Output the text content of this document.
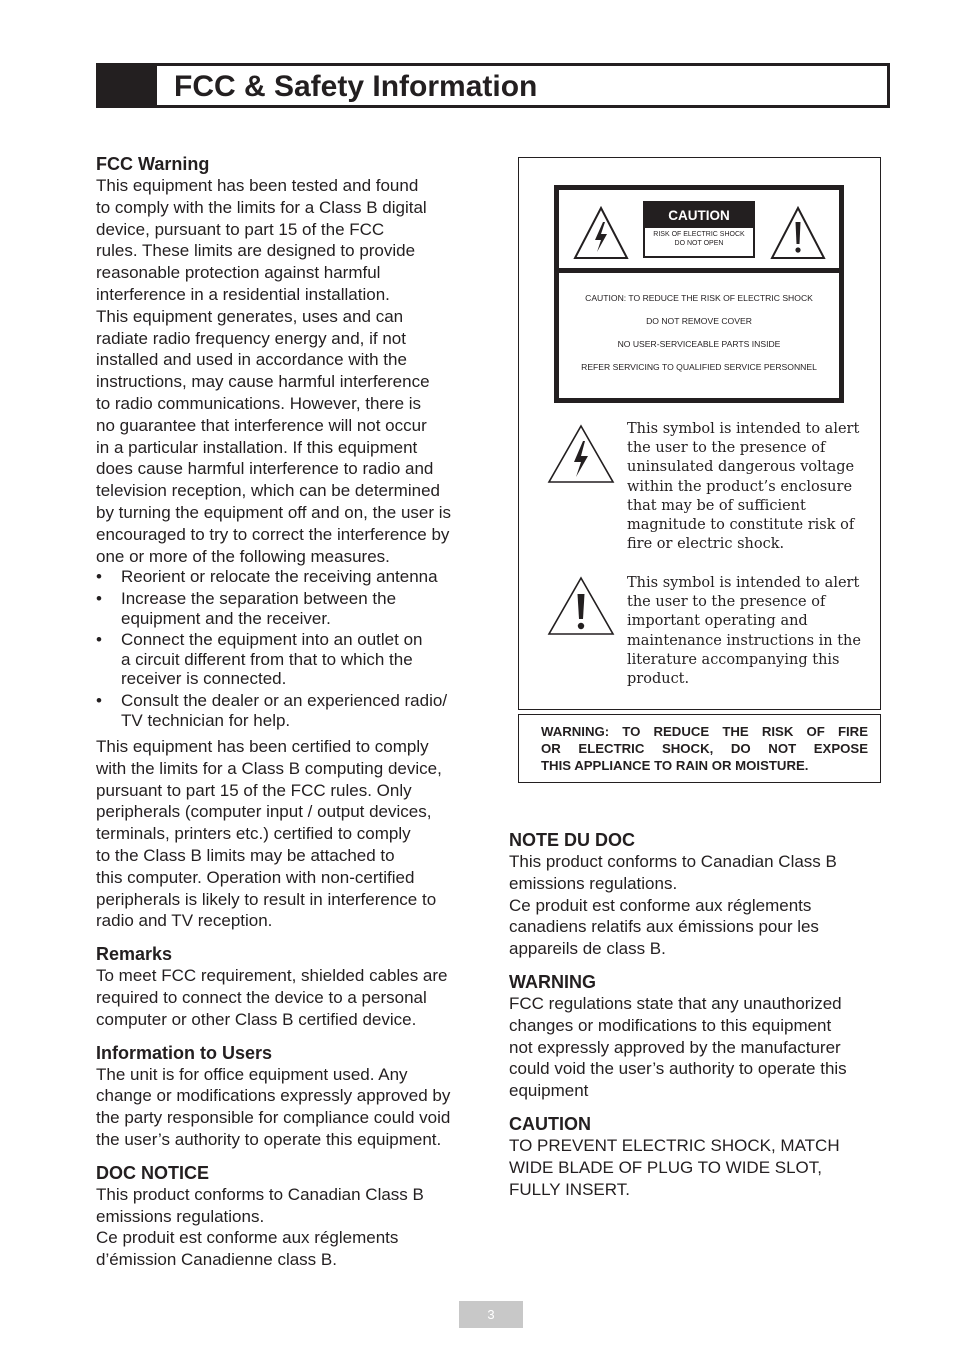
FCC & Safety Information
FCC Warning
This equipment has been tested and found
to comply with the limits for a Class B digital
device, pursuant to part 15 of the FCC
rules. These limits are designed to provide
reasonable protection against harmful
interference in a residential installation.
This equipment generates, uses and can
radiate radio frequency energy and, if not
installed and used in accordance with the
instructions, may cause harmful interference
to radio communications. However, there is
no guarantee that interference will not occur
in a particular installation. If this equipment
does cause harmful interference to radio and
television reception, which can be determined
by turning the equipment off and on, the user is
encouraged to try to correct the interference by
one or more of the following measures.
• Reorient or relocate the receiving antenna
• Increase the separation between the
equipment and the receiver.
• Connect the equipment into an outlet on
a circuit different from that to which the
receiver is connected.
• Consult the dealer or an experienced radio/
TV technician for help.
This equipment has been certified to comply
with the limits for a Class B computing device,
pursuant to part 15 of the FCC rules. Only
peripherals (computer input / output devices,
terminals, printers etc.) certified to comply
to the Class B limits may be attached to
this computer. Operation with non-certified
peripherals is likely to result in interference to
radio and TV reception.
Remarks
To meet FCC requirement, shielded cables are
required to connect the device to a personal
computer or other Class B certified device.
Information to Users
The unit is for office equipment used. Any
change or modifications expressly approved by
the party responsible for compliance could void
the user’s authority to operate this equipment.
DOC NOTICE
This product conforms to Canadian Class B
emissions regulations.
Ce produit est conforme aux réglements
d’émission Canadienne class B.
CAUTION
RISK OF ELECTRIC SHOCK
DO NOT OPEN
CAUTION: TO REDUCE THE RISK OF ELECTRIC SHOCK
DO NOT REMOVE COVER
NO USER-SERVICEABLE PARTS INSIDE
REFER SERVICING TO QUALIFIED SERVICE PERSONNEL
This symbol is intended to alert
the user to the presence of
uninsulated dangerous voltage
within the product’s enclosure
that may be of sufficient
magnitude to constitute risk of
fire or electric shock.
This symbol is intended to alert
the user to the presence of
important operating and
maintenance instructions in the
literature accompanying this
product.
WARNING: TO REDUCE THE RISK OF FIRE
OR ELECTRIC SHOCK, DO NOT EXPOSE
THIS APPLIANCE TO RAIN OR MOISTURE.
NOTE DU DOC
This product conforms to Canadian Class B
emissions regulations.
Ce produit est conforme aux réglements
canadiens relatifs aux émissions pour les
appareils de class B.
WARNING
FCC regulations state that any unauthorized
changes or modifications to this equipment
not expressly approved by the manufacturer
could void the user’s authority to operate this
equipment
CAUTION
TO PREVENT ELECTRIC SHOCK, MATCH
WIDE BLADE OF PLUG TO WIDE SLOT,
FULLY INSERT.
3
